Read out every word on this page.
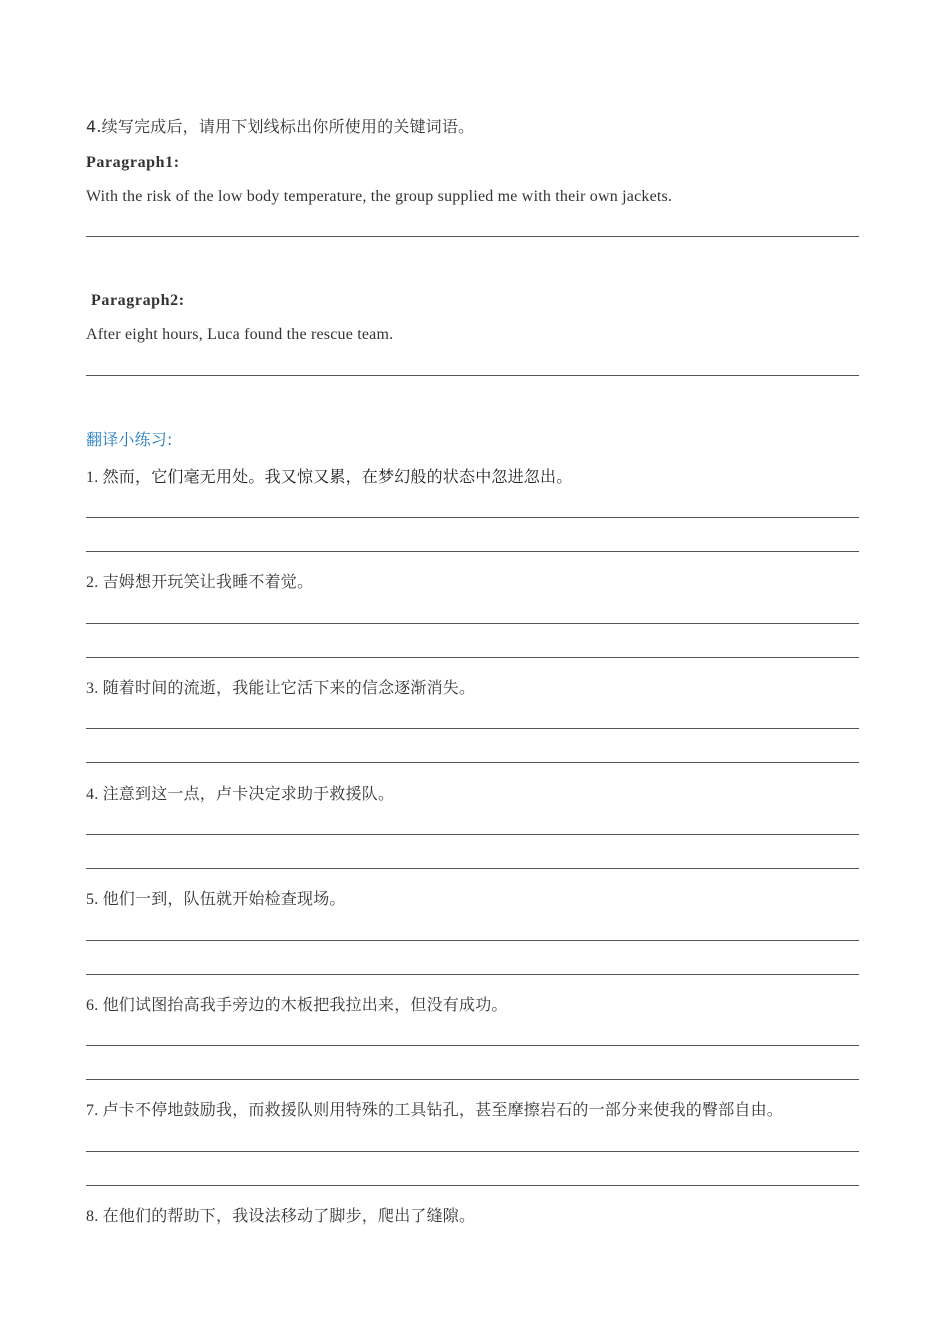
4.续写完成后，请用下划线标出你所使用的关键词语。
Paragraph1:
With the risk of the low body temperature, the group supplied me with their own jackets.
Paragraph2:
After eight hours, Luca found the rescue team.
翻译小练习:
1. 然而，它们毫无用处。我又惊又累，在梦幻般的状态中忽进忽出。
2. 吉姆想开玩笑让我睡不着觉。
3. 随着时间的流逝，我能让它活下来的信念逐渐消失。
4. 注意到这一点，卢卡决定求助于救援队。
5. 他们一到，队伍就开始检查现场。
6. 他们试图抬高我手旁边的木板把我拉出来，但没有成功。
7. 卢卡不停地鼓励我，而救援队则用特殊的工具钻孔，甚至摩擦岩石的一部分来使我的臀部自由。
8. 在他们的帮助下，我设法移动了脚步，爬出了缝隙。
